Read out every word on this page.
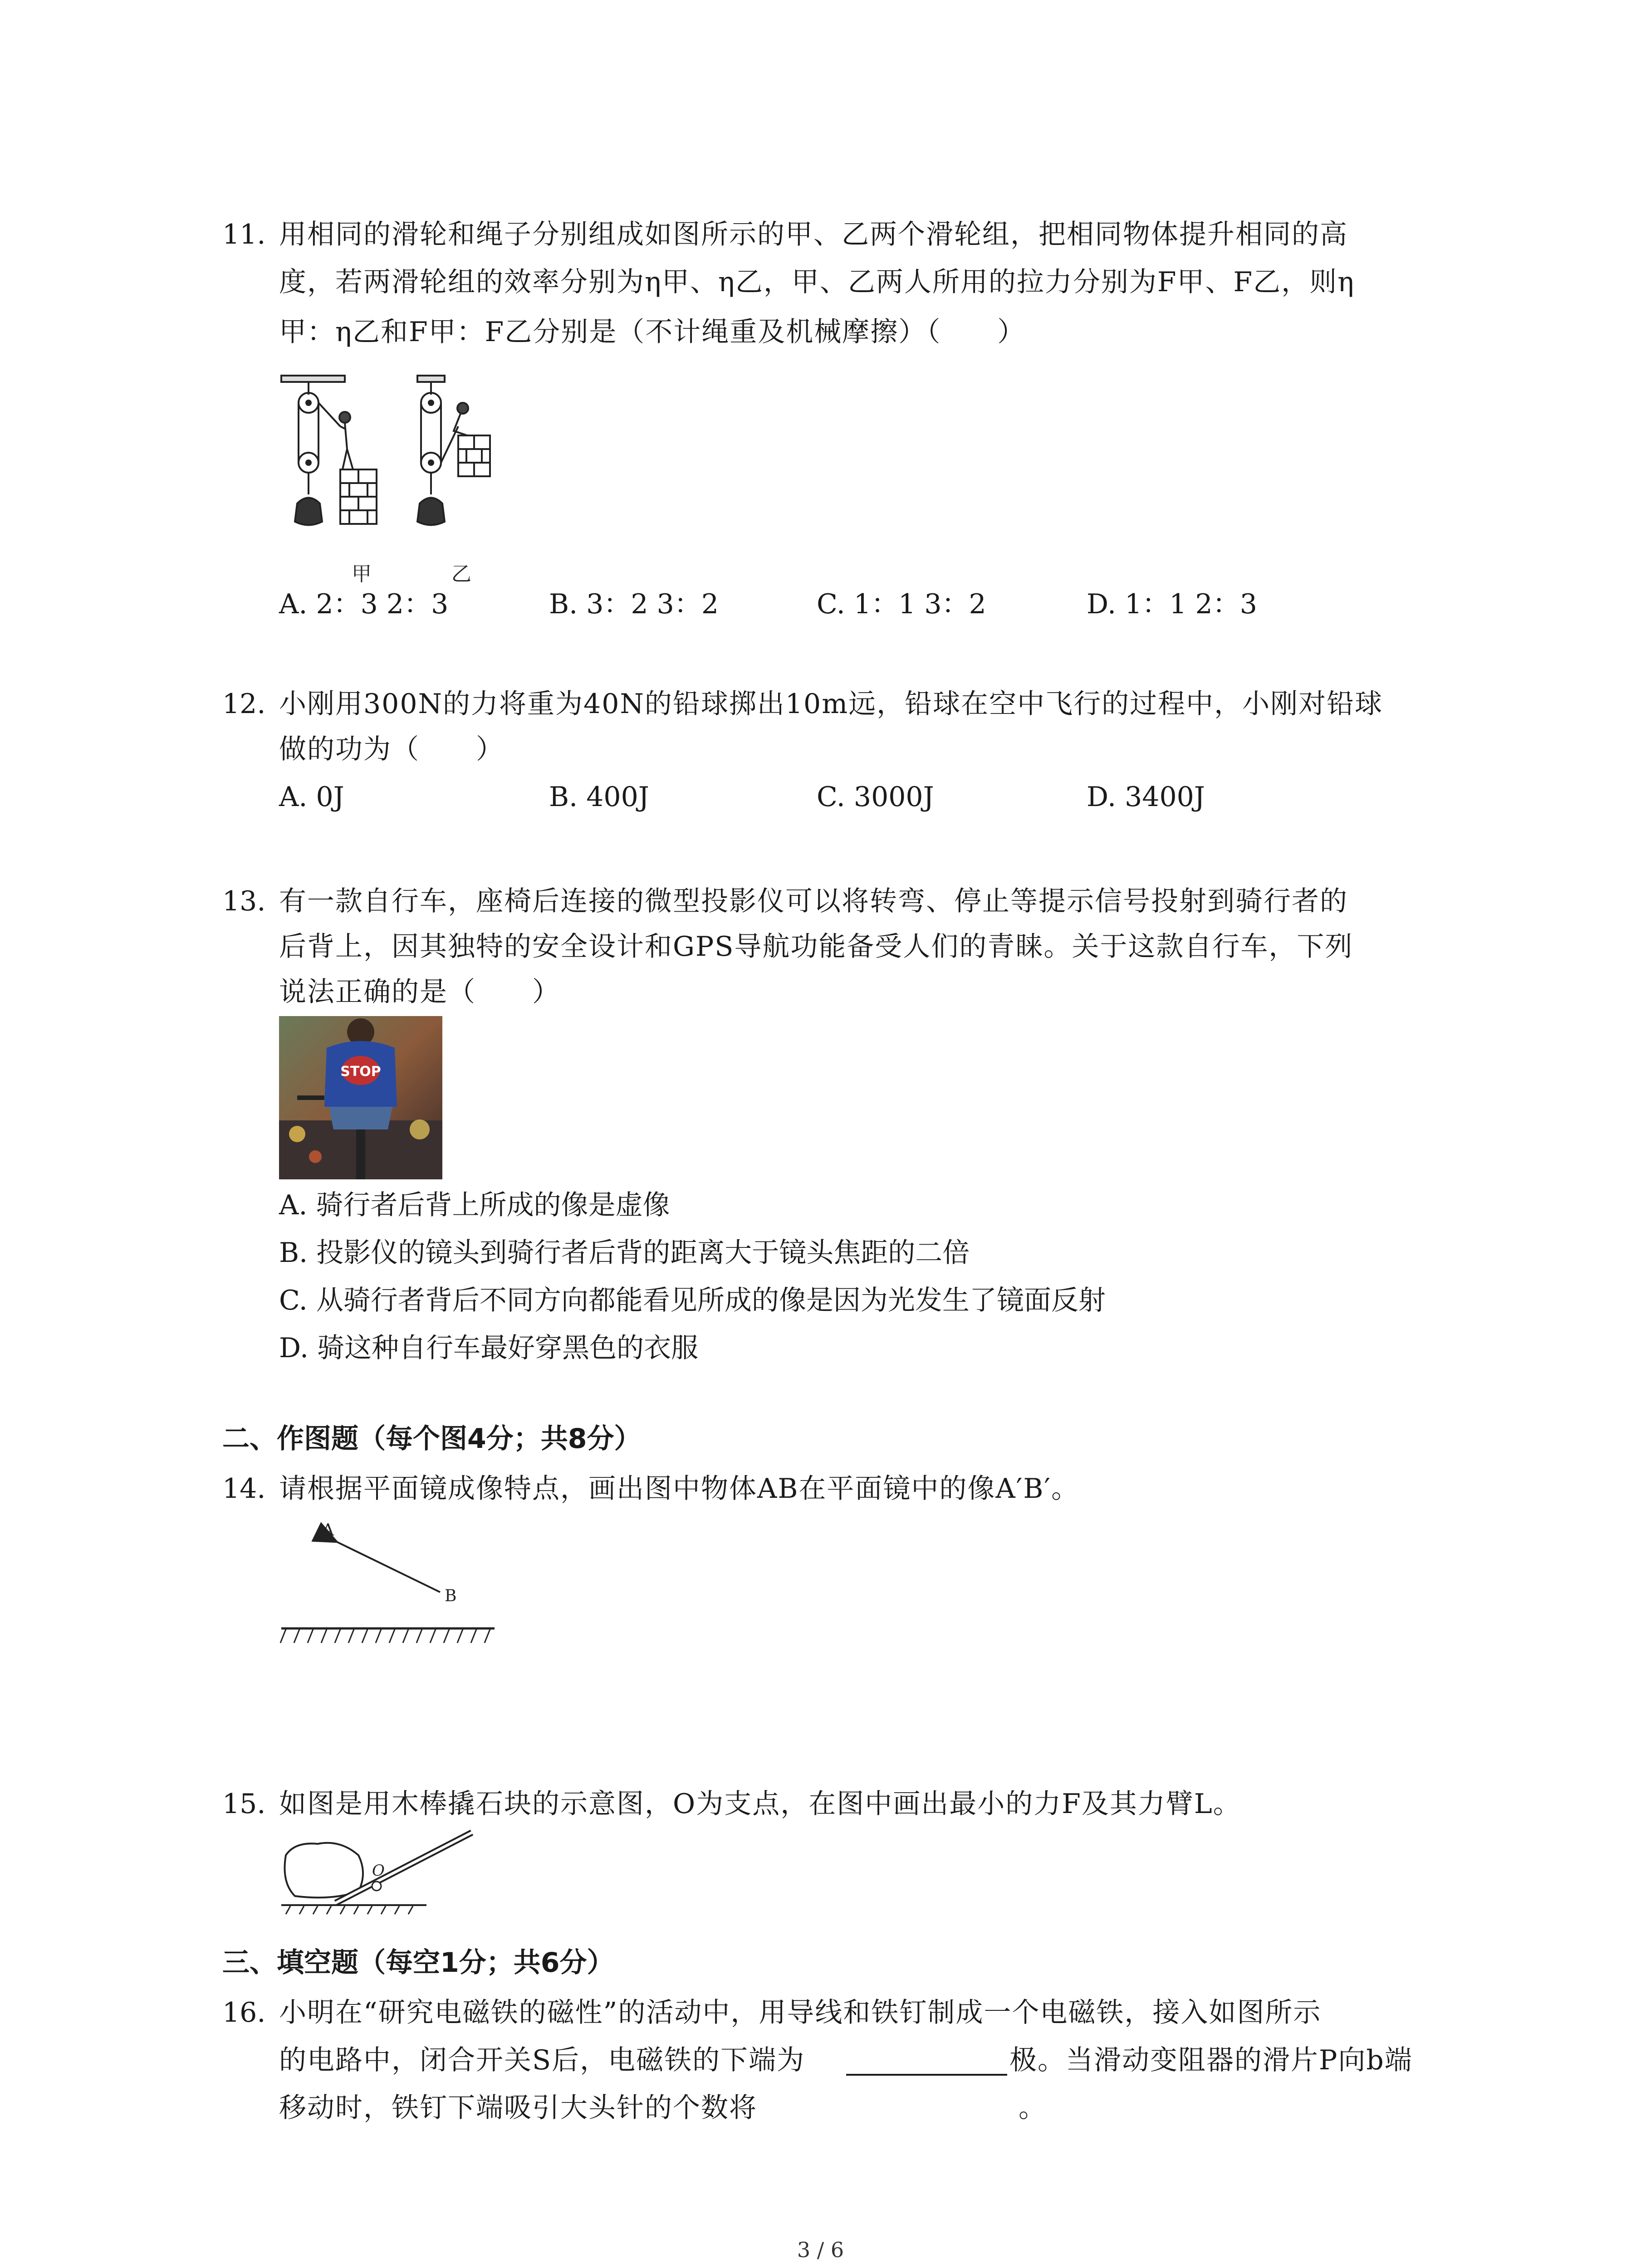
11. 用相同的滑轮和绳子分别组成如图所示的甲、乙两个滑轮组，把相同物体提升相同的高
度，若两滑轮组的效率分别为η甲、η乙，甲、乙两人所用的拉力分别为F甲、F乙，则η
甲：η乙和F甲：F乙分别是（不计绳重及机械摩擦）（　　）
甲	乙
A. 2：3 2：3	B. 3：2 3：2	C. 1：1 3：2	D. 1：1 2：3
12. 小刚用300N的力将重为40N的铅球掷出10m远，铅球在空中飞行的过程中，小刚对铅球
做的功为（　　）
A. 0J	B. 400J	C. 3000J	D. 3400J
13. 有一款自行车，座椅后连接的微型投影仪可以将转弯、停止等提示信号投射到骑行者的
后背上，因其独特的安全设计和GPS导航功能备受人们的青睐。关于这款自行车，下列
说法正确的是（　　）
STOP
A. 骑行者后背上所成的像是虚像
B. 投影仪的镜头到骑行者后背的距离大于镜头焦距的二倍
C. 从骑行者背后不同方向都能看见所成的像是因为光发生了镜面反射
D. 骑这种自行车最好穿黑色的衣服
二、作图题（每个图4分；共8分）
14. 请根据平面镜成像特点，画出图中物体AB在平面镜中的像A′B′。
A
B
15. 如图是用木棒撬石块的示意图，O为支点，在图中画出最小的力F及其力臂L。
O
三、填空题（每空1分；共6分）
16. 小明在“研究电磁铁的磁性”的活动中，用导线和铁钉制成一个电磁铁，接入如图所示
的电路中，闭合开关S后，电磁铁的下端为	极。当滑动变阻器的滑片P向b端
移动时，铁钉下端吸引大头针的个数将	。
3 / 6
